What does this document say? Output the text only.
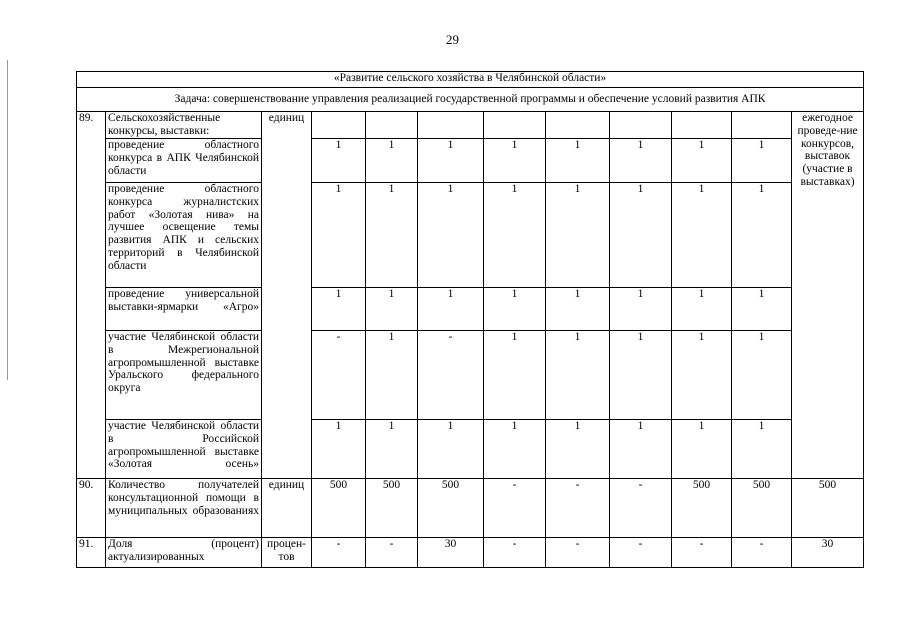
29
«Развитие сельского хозяйства в Челябинской области»											
Задача: совершенствование управления реализацией государственной программы и обеспечение условий развития АПК											
89.	Сельскохозяйственные конкурсы, выставки:	единиц									ежегодное проведе-ние конкурсов, выставок (участие в выставках)
	проведение областного конкурса в АПК Челябинской области		1	1	1	1	1	1	1	1	
	проведение областного конкурса журналистских работ «Золотая нива» на лучшее освещение темы развития АПК и сельских территорий в Челябинской области		1	1	1	1	1	1	1	1	
	проведение универсальной выставки-ярмарки «Агро»		1	1	1	1	1	1	1	1	
	участие Челябинской области в Межрегиональной агропромышленной выставке Уральского федерального округа		-	1	-	1	1	1	1	1	
	участие Челябинской области в Российской агропромышленной выставке «Золотая осень»		1	1	1	1	1	1	1	1	
90.	Количество получателей консультационной помощи в муниципальных образованиях	единиц	500	500	500	-	-	-	500	500	500
91.	Доля (процент) актуализированных	процен-тов	-	-	30	-	-	-	-	-	30
